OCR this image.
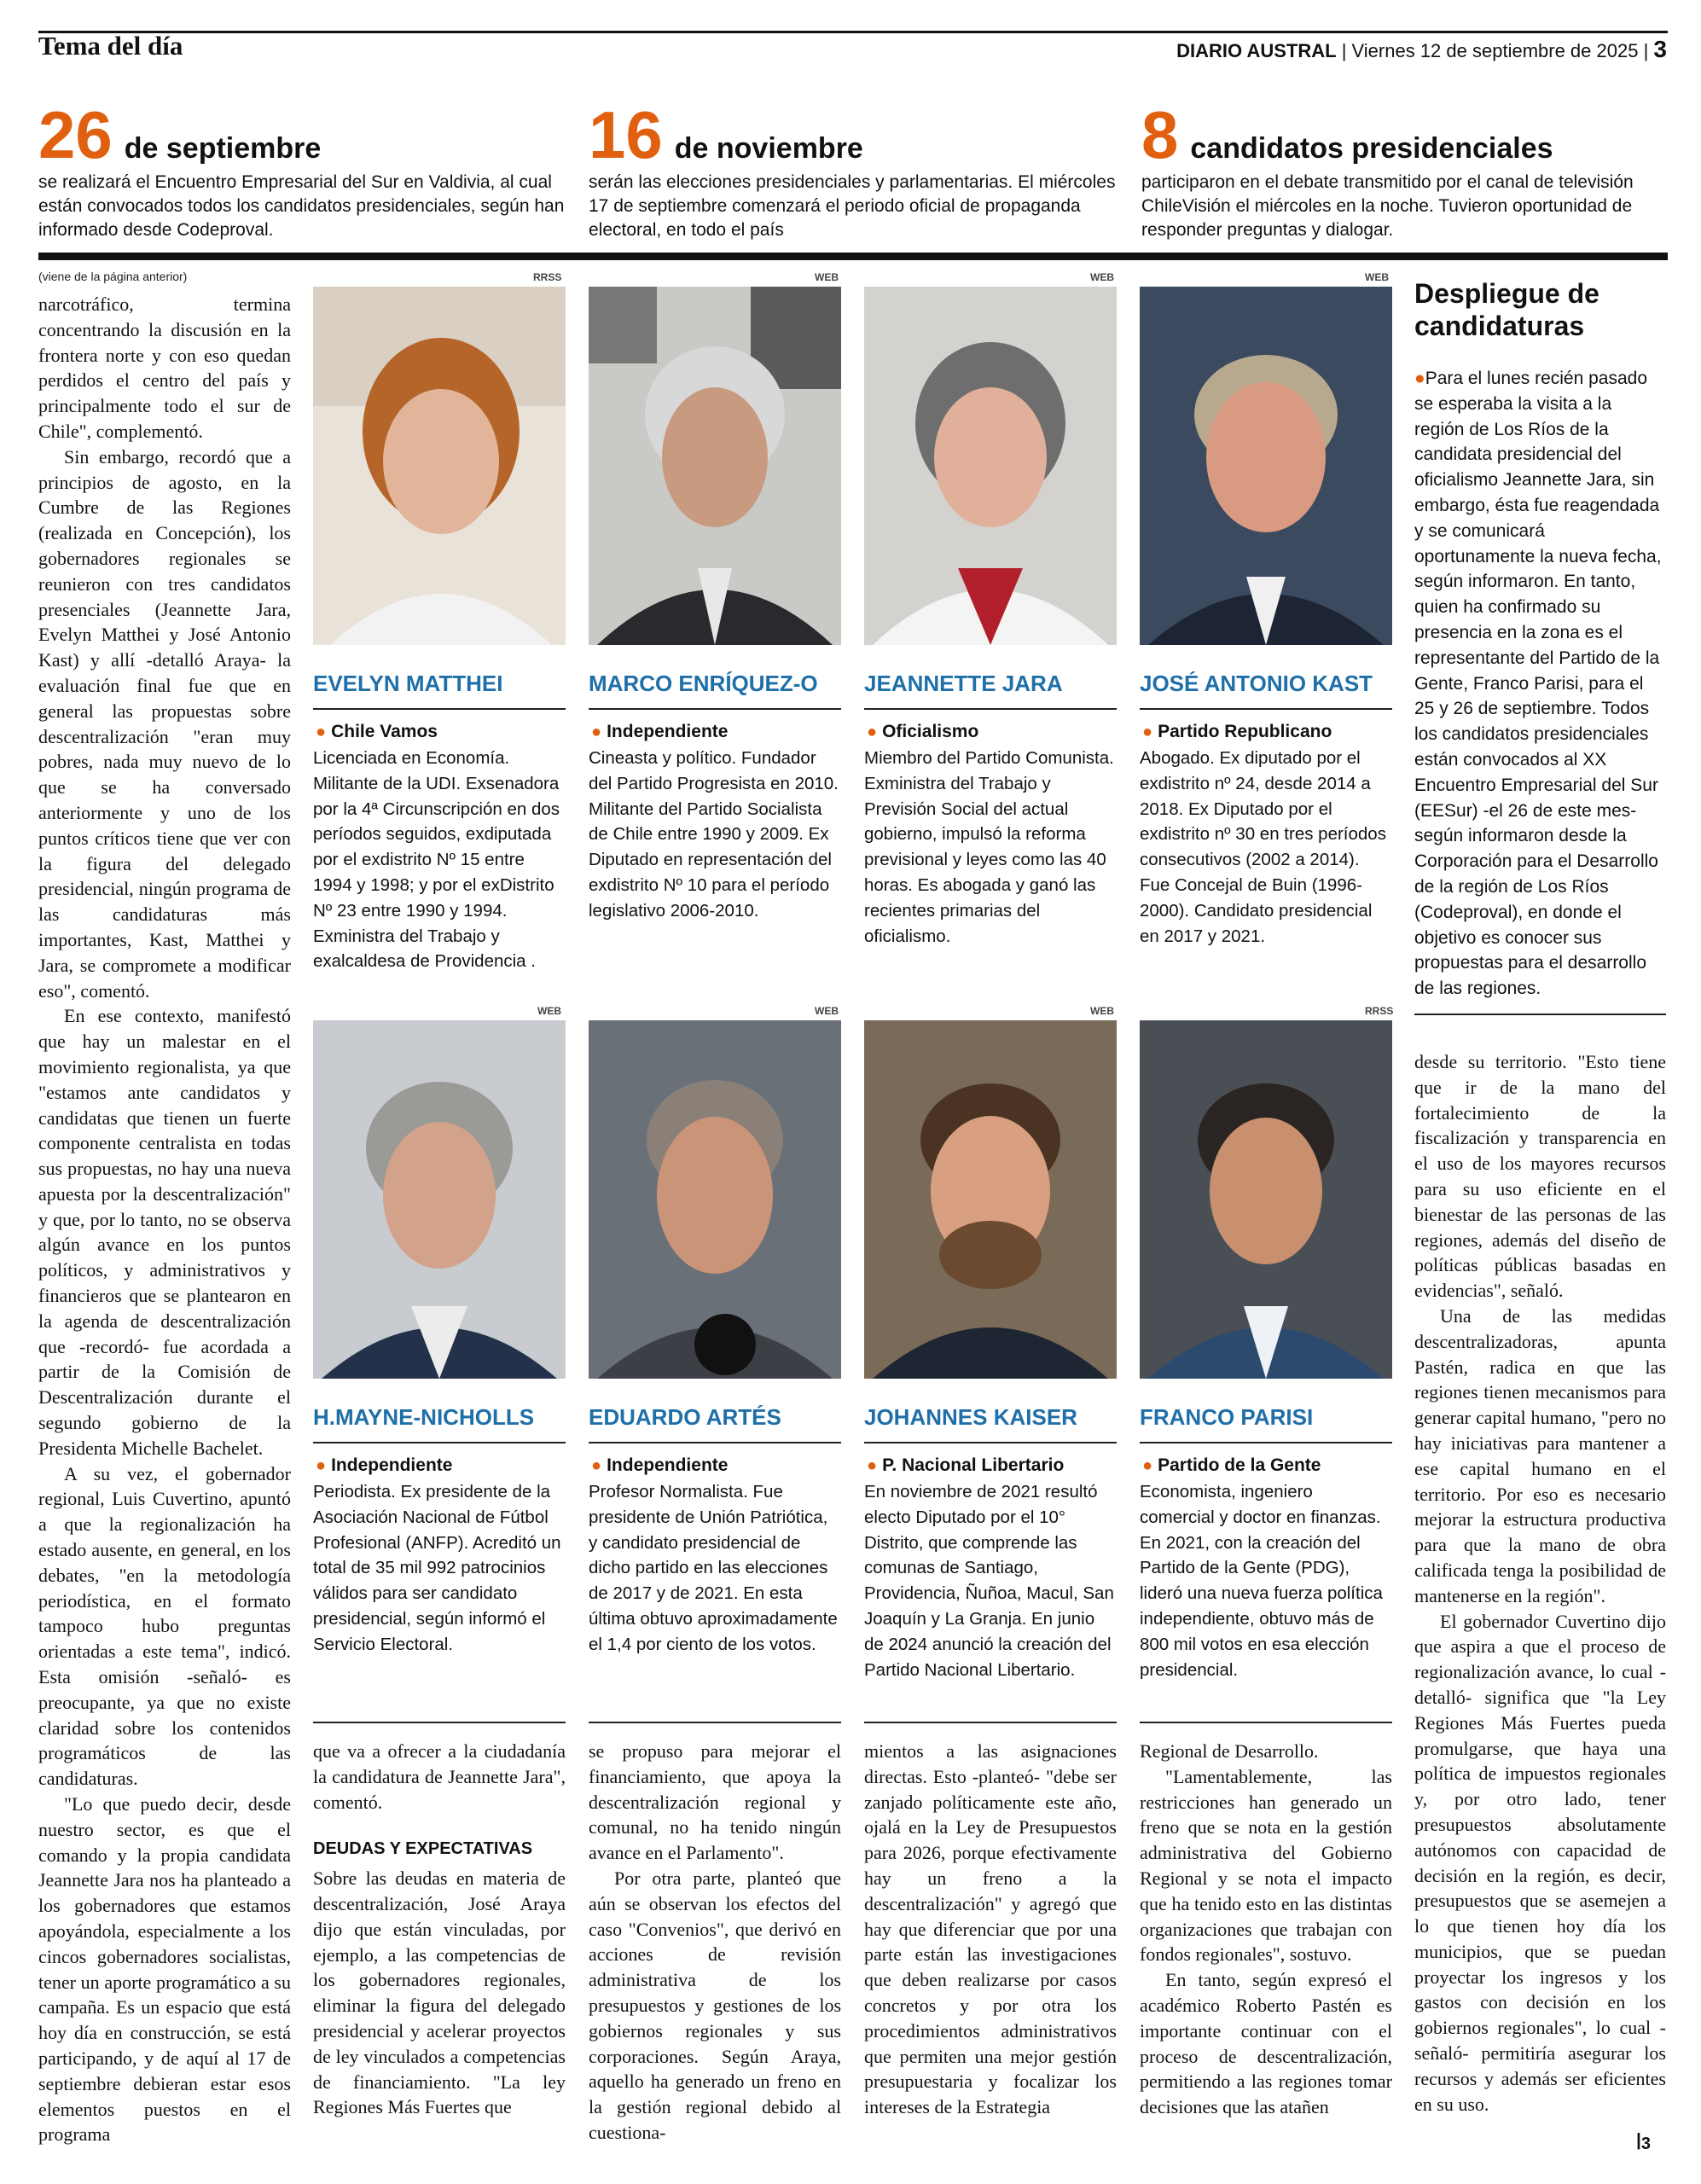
Tema del día	DIARIO AUSTRAL | Viernes 12 de septiembre de 2025 | 3
26 de septiembre
se realizará el Encuentro Empresarial del Sur en Valdivia, al cual están convocados todos los candidatos presidenciales, según han informado desde Codeproval.
16 de noviembre
serán las elecciones presidenciales y parlamentarias. El miércoles 17 de septiembre comenzará el periodo oficial de propaganda electoral, en todo el país
8 candidatos presidenciales
participaron en el debate transmitido por el canal de televisión ChileVisión el miércoles en la noche. Tuvieron oportunidad de responder preguntas y dialogar.
(viene de la página anterior)

narcotráfico, termina concentrando la discusión en la frontera norte y con eso quedan perdidos el centro del país y principalmente todo el sur de Chile", complementó.

Sin embargo, recordó que a principios de agosto, en la Cumbre de las Regiones (realizada en Concepción), los gobernadores regionales se reunieron con tres candidatos presenciales (Jeannette Jara, Evelyn Matthei y José Antonio Kast) y allí -detalló Araya- la evaluación final fue que en general las propuestas sobre descentralización "eran muy pobres, nada muy nuevo de lo que se ha conversado anteriormente y uno de los puntos críticos tiene que ver con la figura del delegado presidencial, ningún programa de las candidaturas más importantes, Kast, Matthei y Jara, se compromete a modificar eso", comentó.

En ese contexto, manifestó que hay un malestar en el movimiento regionalista, ya que "estamos ante candidatos y candidatas que tienen un fuerte componente centralista en todas sus propuestas, no hay una nueva apuesta por la descentralización" y que, por lo tanto, no se observa algún avance en los puntos políticos, y administrativos y financieros que se plantearon en la agenda de descentralización que -recordó- fue acordada a partir de la Comisión de Descentralización durante el segundo gobierno de la Presidenta Michelle Bachelet.

A su vez, el gobernador regional, Luis Cuvertino, apuntó a que la regionalización ha estado ausente, en general, en los debates, "en la metodología periodística, en el formato tampoco hubo preguntas orientadas a este tema", indicó. Esta omisión -señaló- es preocupante, ya que no existe claridad sobre los contenidos programáticos de las candidaturas.

"Lo que puedo decir, desde nuestro sector, es que el comando y la propia candidata Jeannette Jara nos ha planteado a los gobernadores que estamos apoyándola, especialmente a los cincos gobernadores socialistas, tener un aporte programático a su campaña. Es un espacio que está hoy día en construcción, se está participando, y de aquí al 17 de septiembre debieran estar esos elementos puestos en el programa

RRSS
EVELYN MATTHEI
● Chile Vamos
Licenciada en Economía. Militante de la UDI. Exsenadora por la 4ª Circunscripción en dos períodos seguidos, exdiputada por el exdistrito Nº 15 entre 1994 y 1998; y por el exDistrito Nº 23 entre 1990 y 1994. Exministra del Trabajo y exalcaldesa de Providencia .
WEB
MARCO ENRÍQUEZ-O
● Independiente
Cineasta y político. Fundador del Partido Progresista en 2010. Militante del Partido Socialista de Chile entre 1990 y 2009. Ex Diputado en representación del exdistrito Nº 10 para el período legislativo 2006-2010.
WEB
JEANNETTE JARA
● Oficialismo
Miembro del Partido Comunista. Exministra del Trabajo y Previsión Social del actual gobierno, impulsó la reforma previsional y leyes como las 40 horas. Es abogada y ganó las recientes primarias del oficialismo.
WEB
JOSÉ ANTONIO KAST
● Partido Republicano
Abogado. Ex diputado por el exdistrito nº 24, desde 2014 a 2018. Ex Diputado por el exdistrito nº 30 en tres períodos consecutivos (2002 a 2014). Fue Concejal de Buin (1996-2000). Candidato presidencial en 2017 y 2021.
Despliegue de
candidaturas
●Para el lunes recién pasado se esperaba la visita a la región de Los Ríos de la candidata presidencial del oficialismo Jeannette Jara, sin embargo, ésta fue reagendada y se comunicará oportunamente la nueva fecha, según informaron. En tanto, quien ha confirmado su presencia en la zona es el representante del Partido de la Gente, Franco Parisi, para el 25 y 26 de septiembre. Todos los candidatos presidenciales están convocados al XX Encuentro Empresarial del Sur (EESur) -el 26 de este mes- según informaron desde la Corporación para el Desarrollo de la región de Los Ríos (Codeproval), en donde el objetivo es conocer sus propuestas para el desarrollo de las regiones.
WEB
H.MAYNE-NICHOLLS
● Independiente
Periodista. Ex presidente de la Asociación Nacional de Fútbol Profesional (ANFP). Acreditó un total de 35 mil 992 patrocinios válidos para ser candidato presidencial, según informó el Servicio Electoral.
WEB
EDUARDO ARTÉS
● Independiente
Profesor Normalista. Fue presidente de Unión Patriótica, y candidato presidencial de dicho partido en las elecciones de 2017 y de 2021. En esta última obtuvo aproximadamente el 1,4 por ciento de los votos.
WEB
JOHANNES KAISER
● P. Nacional Libertario
En noviembre de 2021 resultó electo Diputado por el 10° Distrito, que comprende las comunas de Santiago, Providencia, Ñuñoa, Macul, San Joaquín y La Granja. En junio de 2024 anunció la creación del Partido Nacional Libertario.
RRSS
FRANCO PARISI
● Partido de la Gente
Economista, ingeniero comercial y doctor en finanzas. En 2021, con la creación del Partido de la Gente (PDG), lideró una nueva fuerza política independiente, obtuvo más de 800 mil votos en esa elección presidencial.

que va a ofrecer a la ciudadanía la candidatura de Jeannette Jara", comentó.

DEUDAS Y EXPECTATIVAS

Sobre las deudas en materia de descentralización, José Araya dijo que están vinculadas, por ejemplo, a las competencias de los gobernadores regionales, eliminar la figura del delegado presidencial y acelerar proyectos de ley vinculados a competencias de financiamiento. "La ley Regiones Más Fuertes que

se propuso para mejorar el financiamiento, que apoya la descentralización regional y comunal, no ha tenido ningún avance en el Parlamento".

Por otra parte, planteó que aún se observan los efectos del caso "Convenios", que derivó en acciones de revisión administrativa de los presupuestos y gestiones de los gobiernos regionales y sus corporaciones. Según Araya, aquello ha generado un freno en la gestión regional debido al cuestiona-

mientos a las asignaciones directas. Esto -planteó- "debe ser zanjado políticamente este año, ojalá en la Ley de Presupuestos para 2026, porque efectivamente hay un freno a la descentralización" y agregó que hay que diferenciar que por una parte están las investigaciones que deben realizarse por casos concretos y por otra los procedimientos administrativos que permiten una mejor gestión presupuestaria y focalizar los intereses de la Estrategia

Regional de Desarrollo.

"Lamentablemente, las restricciones han generado un freno que se nota en la gestión administrativa del Gobierno Regional y se nota el impacto que ha tenido esto en las distintas organizaciones que trabajan con fondos regionales", sostuvo.

En tanto, según expresó el académico Roberto Pastén es importante continuar con el proceso de descentralización, permitiendo a las regiones tomar decisiones que las atañen

desde su territorio. "Esto tiene que ir de la mano del fortalecimiento de la fiscalización y transparencia en el uso de los mayores recursos para su uso eficiente en el bienestar de las personas de las regiones, además del diseño de políticas públicas basadas en evidencias", señaló.

Una de las medidas descentralizadoras, apunta Pastén, radica en que las regiones tienen mecanismos para generar capital humano, "pero no hay iniciativas para mantener a ese capital humano en el territorio. Por eso es necesario mejorar la estructura productiva para que la mano de obra calificada tenga la posibilidad de mantenerse en la región".

El gobernador Cuvertino dijo que aspira a que el proceso de regionalización avance, lo cual -detalló- significa que "la Ley Regiones Más Fuertes pueda promulgarse, que haya una política de impuestos regionales y, por otro lado, tener presupuestos absolutamente autónomos con capacidad de decisión en la región, es decir, presupuestos que se asemejen a lo que tienen hoy día los municipios, que se puedan proyectar los ingresos y los gastos con decisión en los gobiernos regionales", lo cual -señaló- permitiría asegurar los recursos y además ser eficientes en su uso.

ꟾ3
